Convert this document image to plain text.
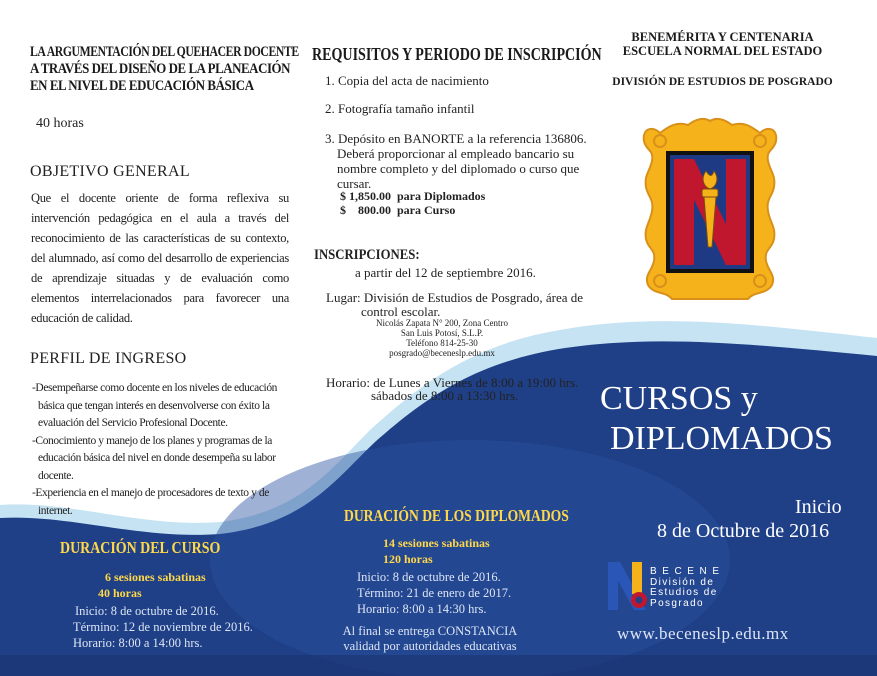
LA ARGUMENTACIÓN DEL QUEHACER DOCENTE
A TRAVÉS DEL DISEÑO DE LA PLANEACIÓN
EN EL NIVEL DE EDUCACIÓN BÁSICA
40 horas
OBJETIVO GENERAL
Que el docente oriente de forma reflexiva su intervención pedagógica en el aula a través del reconocimiento de las características de su contexto, del alumnado, así como del desarrollo de experiencias de aprendizaje situadas y de evaluación como elementos interrelacionados para favorecer una educación de calidad.
PERFIL DE INGRESO
-Desempeñarse como docente en los niveles de educación básica que tengan interés en desenvolverse con éxito la evaluación del Servicio Profesional Docente.
-Conocimiento y manejo de los planes y programas de la educación básica del nivel en donde desempeña su labor docente.
-Experiencia en el manejo de procesadores de texto y de internet.
DURACIÓN DEL CURSO
6 sesiones sabatinas
40 horas
Inicio: 8 de octubre de 2016.
Término: 12 de noviembre de 2016.
Horario: 8:00 a 14:00 hrs.
REQUISITOS Y PERIODO DE INSCRIPCIÓN
1. Copia del acta de nacimiento
2. Fotografía tamaño infantil
3. Depósito en BANORTE a la referencia 136806.
Deberá proporcionar al empleado bancario su
nombre completo y del diplomado o curso que
cursar.
$ 1,850.00  para Diplomados
$    800.00  para Curso
INSCRIPCIONES:
a partir del 12 de septiembre 2016.
Lugar: División de Estudios de Posgrado, área de
control escolar.
Nicolás Zapata N° 200, Zona Centro
San Luis Potosí, S.L.P.
Teléfono 814-25-30
posgrado@beceneslp.edu.mx
Horario: de Lunes a Viernes de 8:00 a 19:00 hrs.
sábados de 8:00 a 13:30 hrs.
DURACIÓN DE LOS DIPLOMADOS
14 sesiones sabatinas
120 horas
Inicio: 8 de octubre de 2016.
Término: 21 de enero de 2017.
Horario: 8:00 a 14:30 hrs.
Al final se entrega CONSTANCIA
validad por autoridades educativas
BENEMÉRITA Y CENTENARIA
ESCUELA NORMAL DEL ESTADO
DIVISIÓN DE ESTUDIOS DE POSGRADO
CURSOS y
DIPLOMADOS
Inicio
8 de Octubre de 2016
B E C E N E
División de
Estudios de
Posgrado
www.beceneslp.edu.mx
